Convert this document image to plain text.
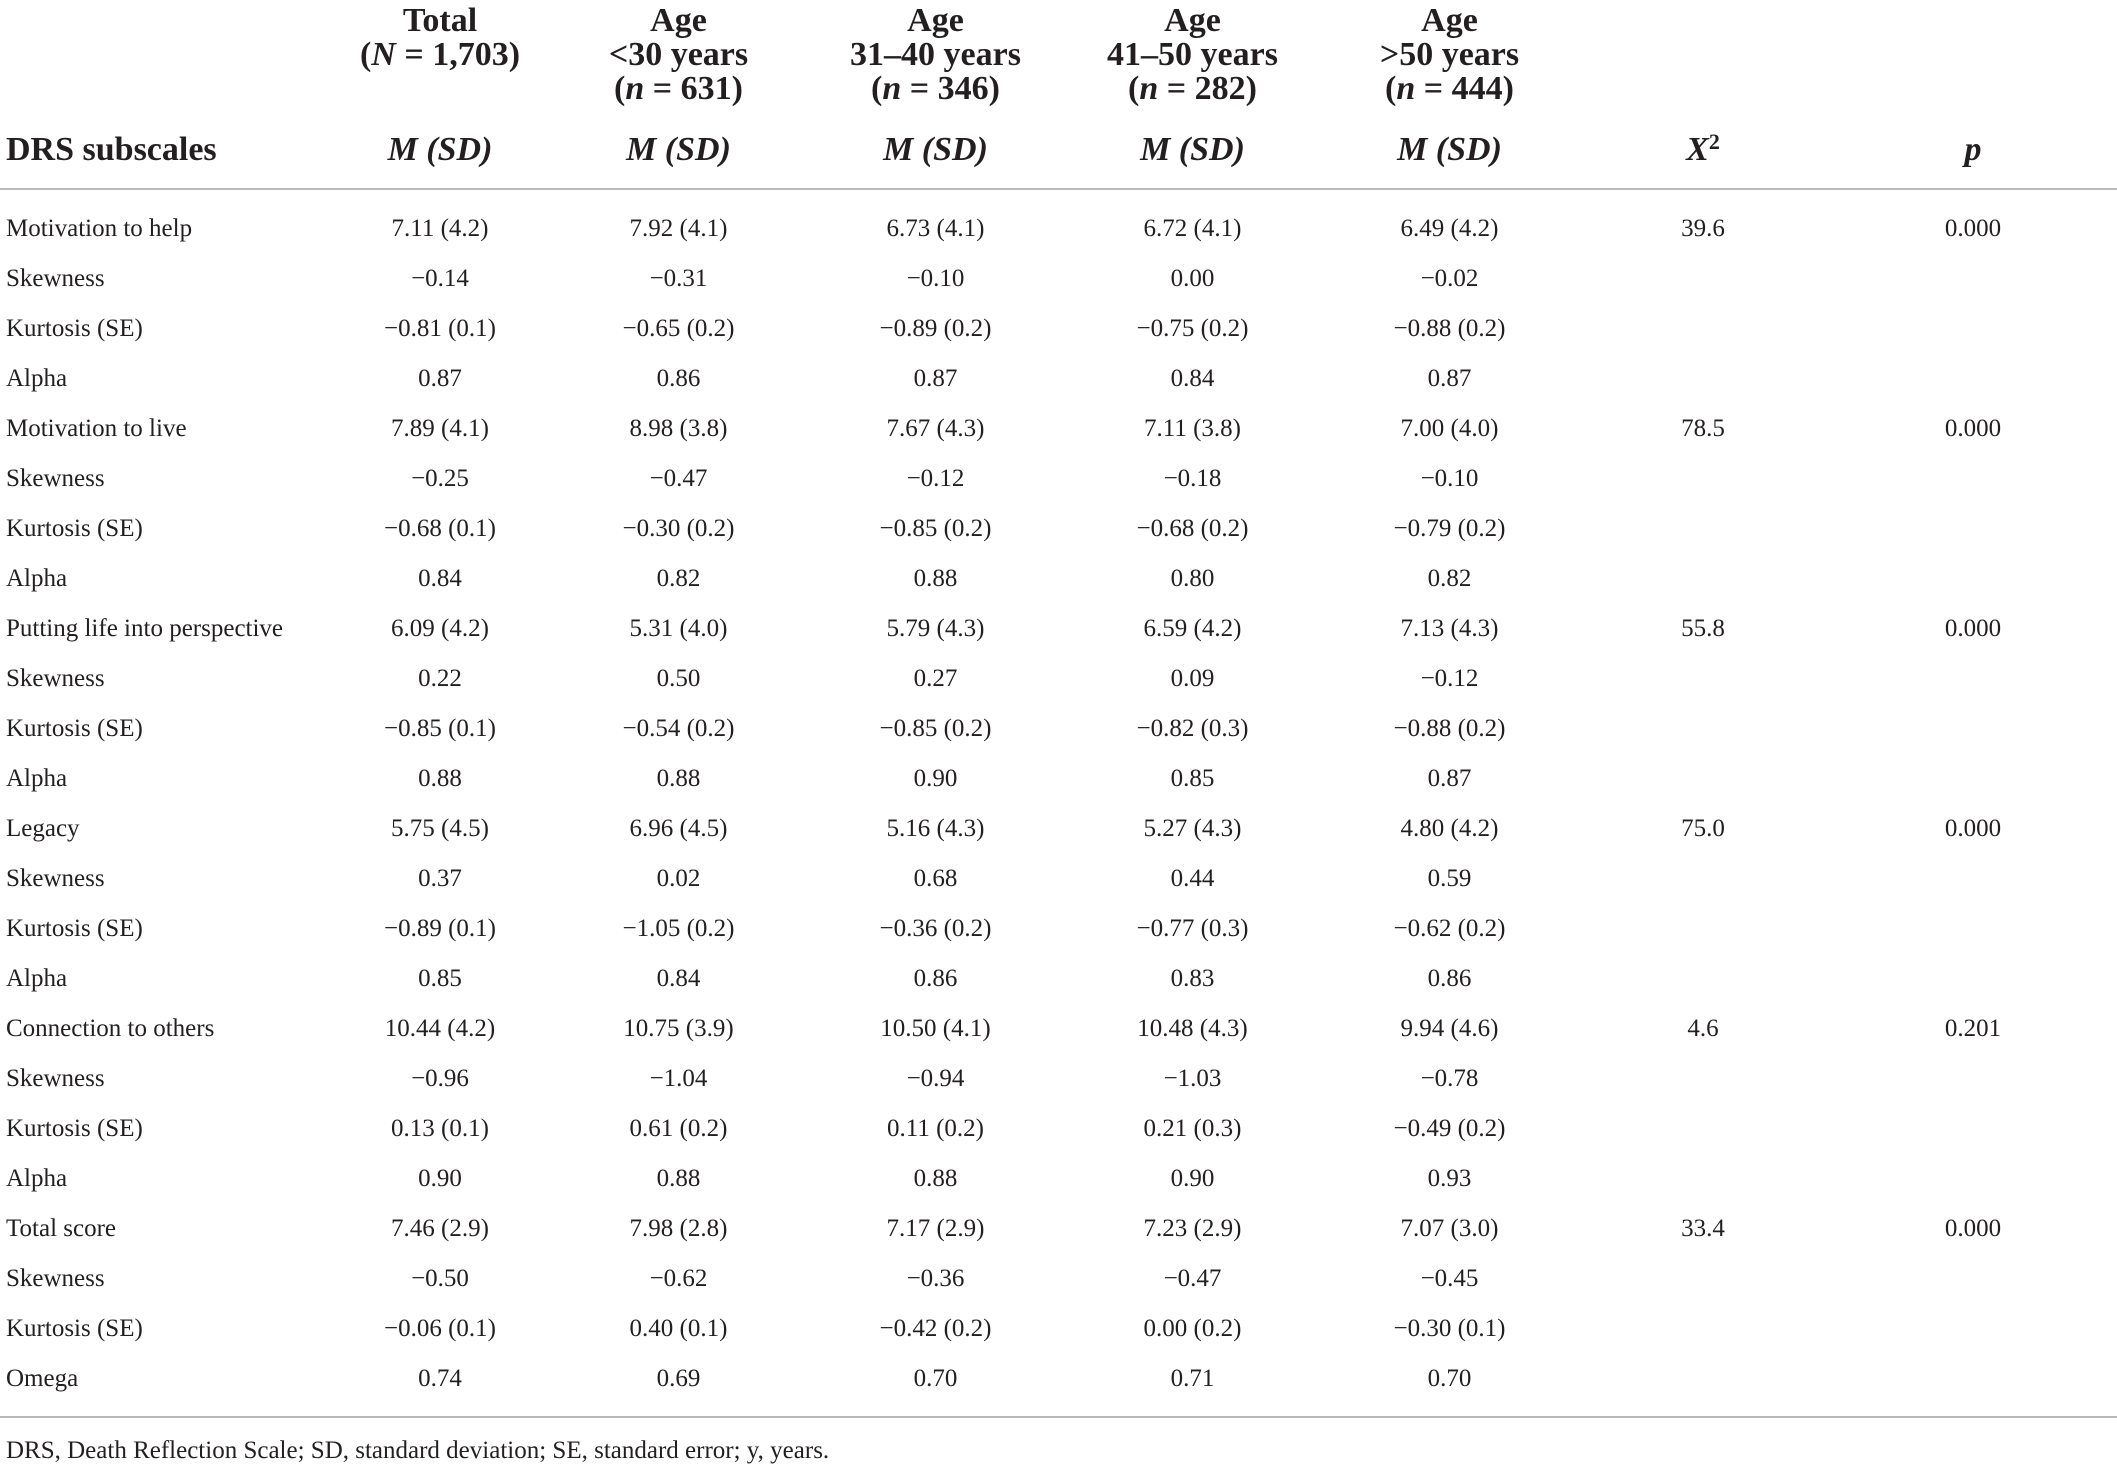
	Total
(N = 1,703)	Age
<30 years
(n = 631)	Age
31–40 years
(n = 346)	Age
41–50 years
(n = 282)	Age
>50 years
(n = 444)		

DRS subscales	M (SD)	M (SD)	M (SD)	M (SD)	M (SD)	$X^2$	p
Motivation to help	7.11 (4.2)	7.92 (4.1)	6.73 (4.1)	6.72 (4.1)	6.49 (4.2)	39.6	0.000
Skewness	−0.14	−0.31	−0.10	0.00	−0.02		
Kurtosis (SE)	−0.81 (0.1)	−0.65 (0.2)	−0.89 (0.2)	−0.75 (0.2)	−0.88 (0.2)		
Alpha	0.87	0.86	0.87	0.84	0.87		
Motivation to live	7.89 (4.1)	8.98 (3.8)	7.67 (4.3)	7.11 (3.8)	7.00 (4.0)	78.5	0.000
Skewness	−0.25	−0.47	−0.12	−0.18	−0.10		
Kurtosis (SE)	−0.68 (0.1)	−0.30 (0.2)	−0.85 (0.2)	−0.68 (0.2)	−0.79 (0.2)		
Alpha	0.84	0.82	0.88	0.80	0.82		
Putting life into perspective	6.09 (4.2)	5.31 (4.0)	5.79 (4.3)	6.59 (4.2)	7.13 (4.3)	55.8	0.000
Skewness	0.22	0.50	0.27	0.09	−0.12		
Kurtosis (SE)	−0.85 (0.1)	−0.54 (0.2)	−0.85 (0.2)	−0.82 (0.3)	−0.88 (0.2)		
Alpha	0.88	0.88	0.90	0.85	0.87		
Legacy	5.75 (4.5)	6.96 (4.5)	5.16 (4.3)	5.27 (4.3)	4.80 (4.2)	75.0	0.000
Skewness	0.37	0.02	0.68	0.44	0.59		
Kurtosis (SE)	−0.89 (0.1)	−1.05 (0.2)	−0.36 (0.2)	−0.77 (0.3)	−0.62 (0.2)		
Alpha	0.85	0.84	0.86	0.83	0.86		
Connection to others	10.44 (4.2)	10.75 (3.9)	10.50 (4.1)	10.48 (4.3)	9.94 (4.6)	4.6	0.201
Skewness	−0.96	−1.04	−0.94	−1.03	−0.78		
Kurtosis (SE)	0.13 (0.1)	0.61 (0.2)	0.11 (0.2)	0.21 (0.3)	−0.49 (0.2)		
Alpha	0.90	0.88	0.88	0.90	0.93		
Total score	7.46 (2.9)	7.98 (2.8)	7.17 (2.9)	7.23 (2.9)	7.07 (3.0)	33.4	0.000
Skewness	−0.50	−0.62	−0.36	−0.47	−0.45		
Kurtosis (SE)	−0.06 (0.1)	0.40 (0.1)	−0.42 (0.2)	0.00 (0.2)	−0.30 (0.1)		
Omega	0.74	0.69	0.70	0.71	0.70		
DRS, Death Reflection Scale; SD, standard deviation; SE, standard error; y, years.
